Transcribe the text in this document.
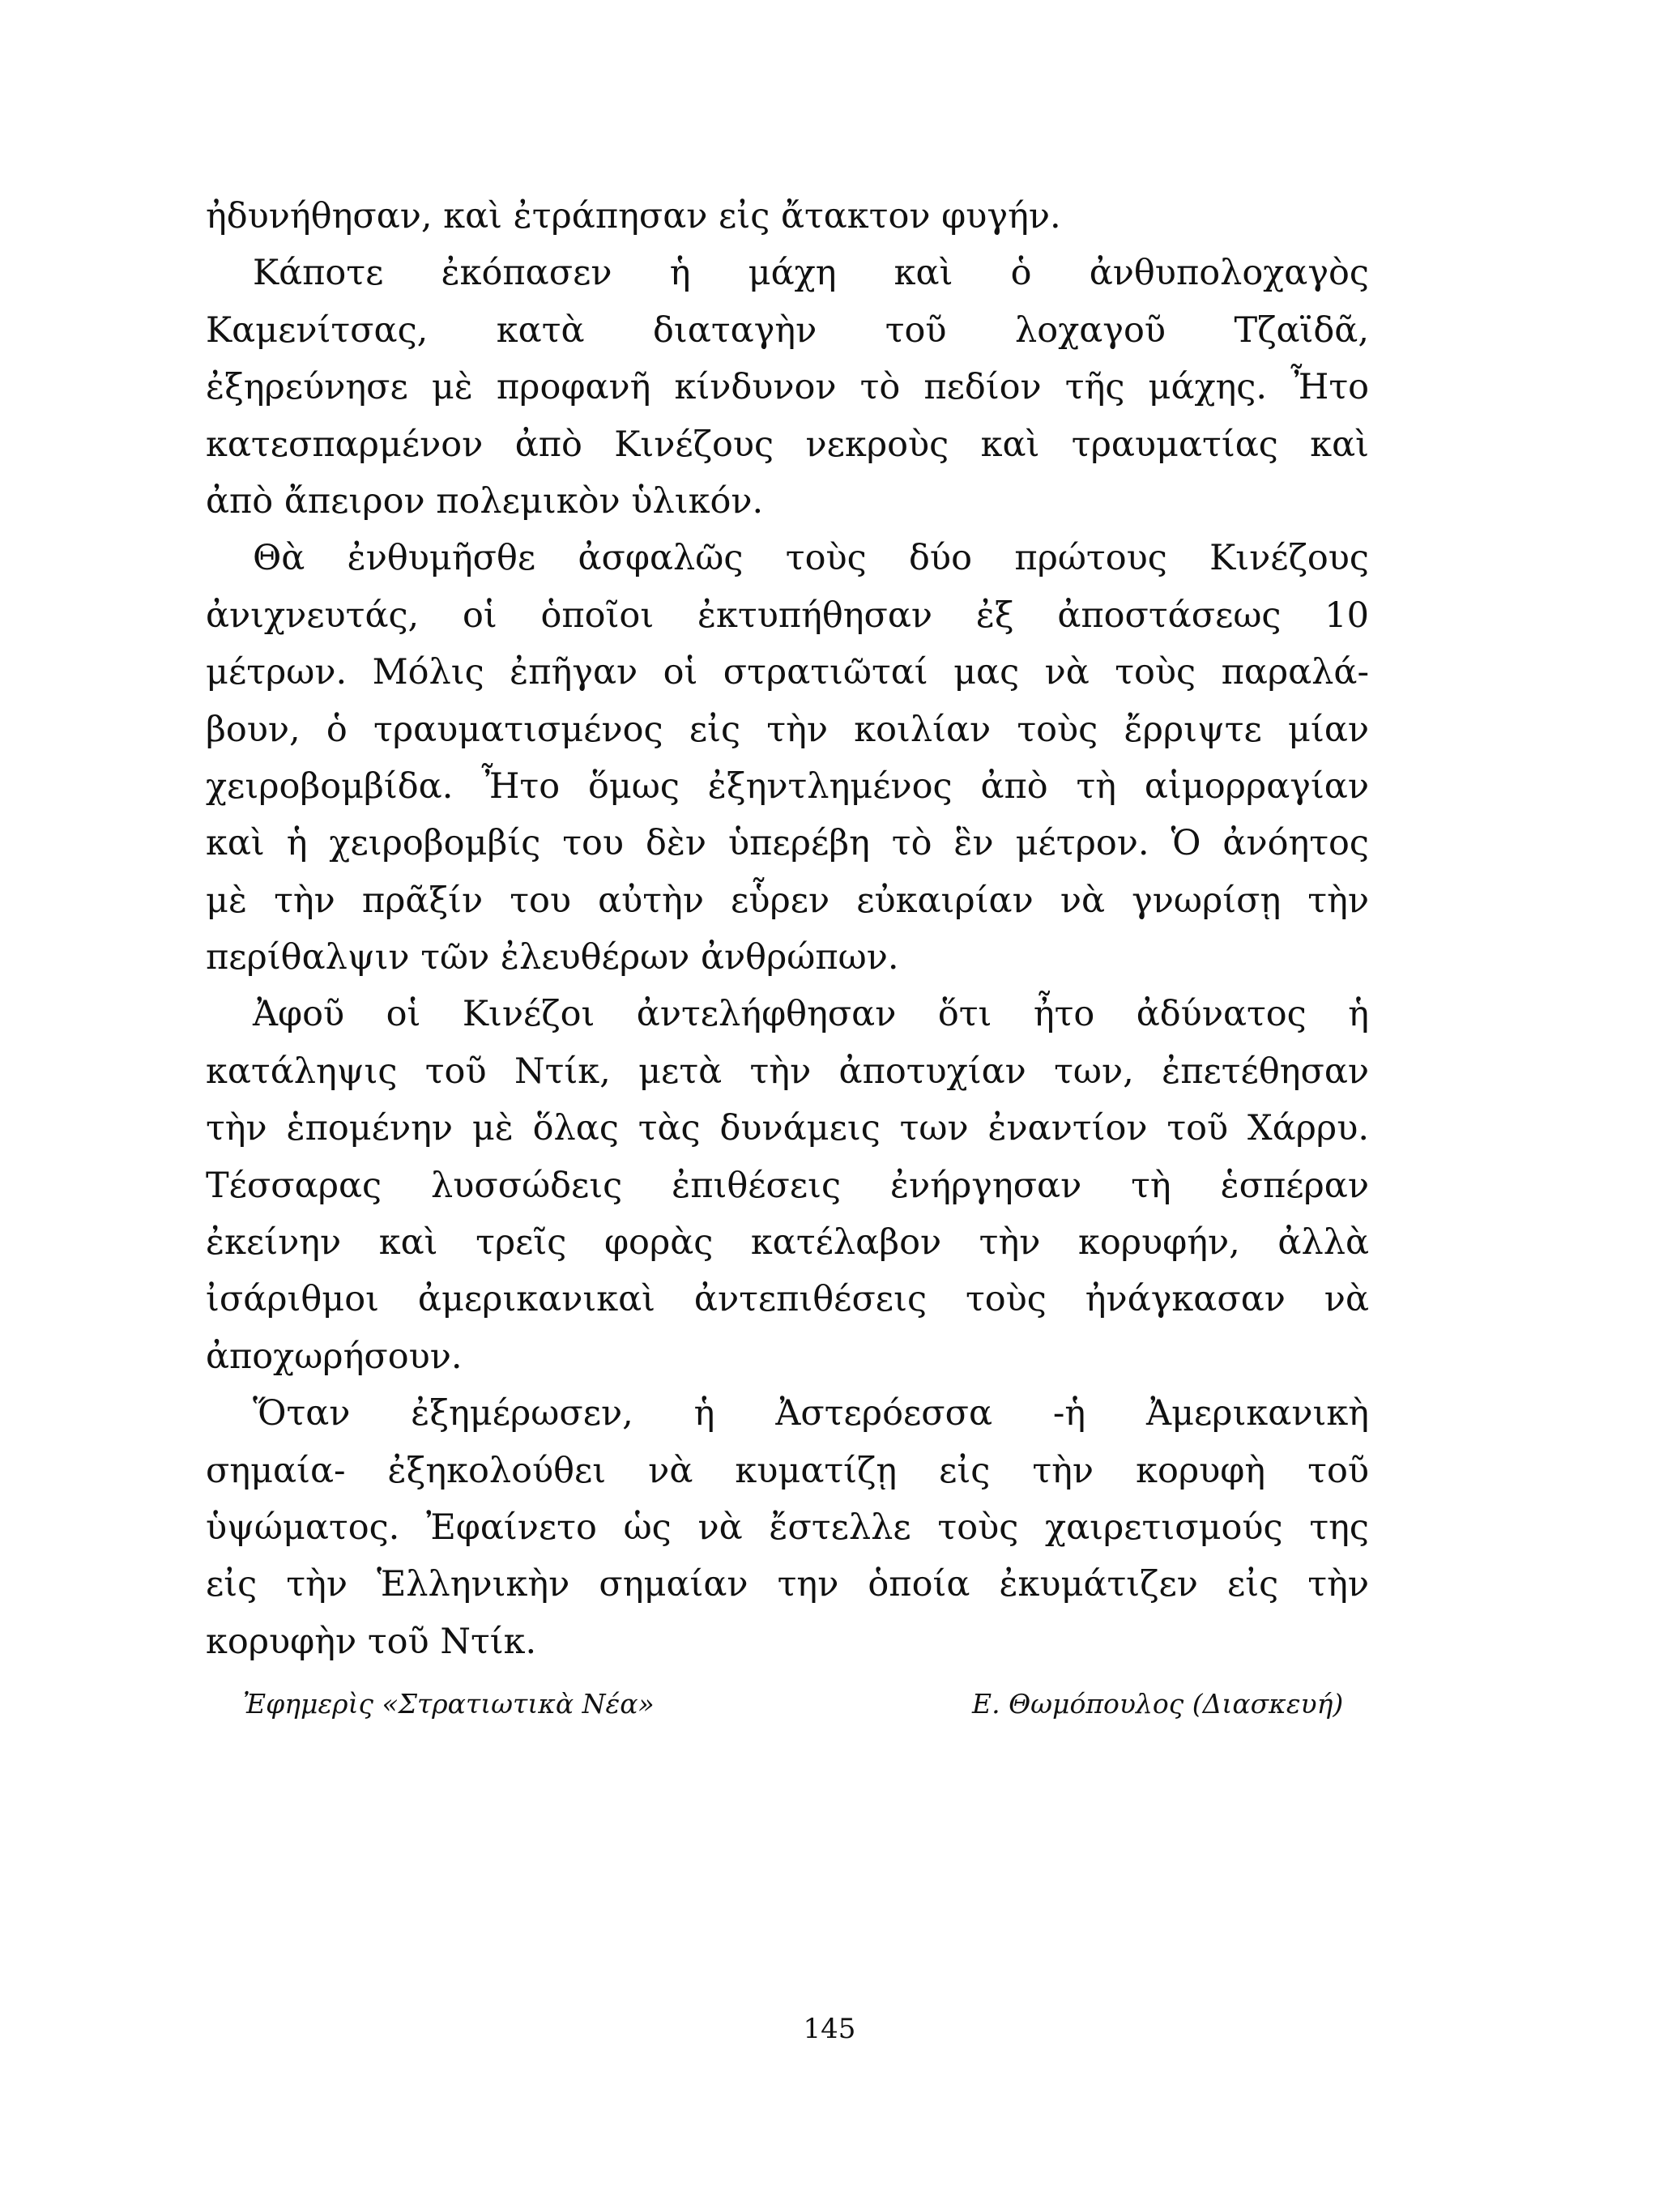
ἠδυνήθησαν, καὶ ἐτράπησαν εἰς ἄτακτον φυγήν.
Κάποτε ἐκόπασεν ἡ μάχη καὶ ὁ ἀνθυπολοχαγὸς
Καμενίτσας, κατὰ διαταγὴν τοῦ λοχαγοῦ Τζαϊδᾶ,
ἐξηρεύνησε μὲ προφανῆ κίνδυνον τὸ πεδίον τῆς μάχης. Ἦτο
κατεσπαρμένον ἀπὸ Κινέζους νεκροὺς καὶ τραυματίας καὶ
ἀπὸ ἄπειρον πολεμικὸν ὑλικόν.
Θὰ ἐνθυμῆσθε ἀσφαλῶς τοὺς δύο πρώτους Κινέζους
ἀνιχνευτάς, οἱ ὁποῖοι ἐκτυπήθησαν ἐξ ἀποστάσεως 10
μέτρων. Μόλις ἐπῆγαν οἱ στρατιῶταί μας νὰ τοὺς παραλά-
βουν, ὁ τραυματισμένος εἰς τὴν κοιλίαν τοὺς ἔρριψτε μίαν
χειροβομβίδα. Ἦτο ὅμως ἐξηντλημένος ἀπὸ τὴ αἱμορραγίαν
καὶ ἡ χειροβομβίς του δὲν ὑπερέβη τὸ ἓν μέτρον. Ὁ ἀνόητος
μὲ τὴν πρᾶξίν του αὐτὴν εὗρεν εὐκαιρίαν νὰ γνωρίσῃ τὴν
περίθαλψιν τῶν ἐλευθέρων ἀνθρώπων.
Ἀφοῦ οἱ Κινέζοι ἀντελήφθησαν ὅτι ἦτο ἀδύνατος ἡ
κατάληψις τοῦ Ντίκ, μετὰ τὴν ἀποτυχίαν των, ἐπετέθησαν
τὴν ἑπομένην μὲ ὅλας τὰς δυνάμεις των ἐναντίον τοῦ Χάρρυ.
Τέσσαρας λυσσώδεις ἐπιθέσεις ἐνήργησαν τὴ ἑσπέραν
ἐκείνην καὶ τρεῖς φορὰς κατέλαβον τὴν κορυφήν, ἀλλὰ
ἰσάριθμοι ἀμερικανικαὶ ἀντεπιθέσεις τοὺς ἠνάγκασαν νὰ
ἀποχωρήσουν.
Ὅταν ἐξημέρωσεν, ἡ Ἀστερόεσσα -ἡ Ἀμερικανικὴ
σημαία- ἐξηκολούθει νὰ κυματίζῃ εἰς τὴν κορυφὴ τοῦ
ὑψώματος. Ἐφαίνετο ὡς νὰ ἔστελλε τοὺς χαιρετισμούς της
εἰς τὴν Ἑλληνικὴν σημαίαν την ὁποία ἐκυμάτιζεν εἰς τὴν
κορυφὴν τοῦ Ντίκ.
Ἐφημερὶς «Στρατιωτικὰ Νέα»	Ε. Θωμόπουλος (Διασκευή)
145
